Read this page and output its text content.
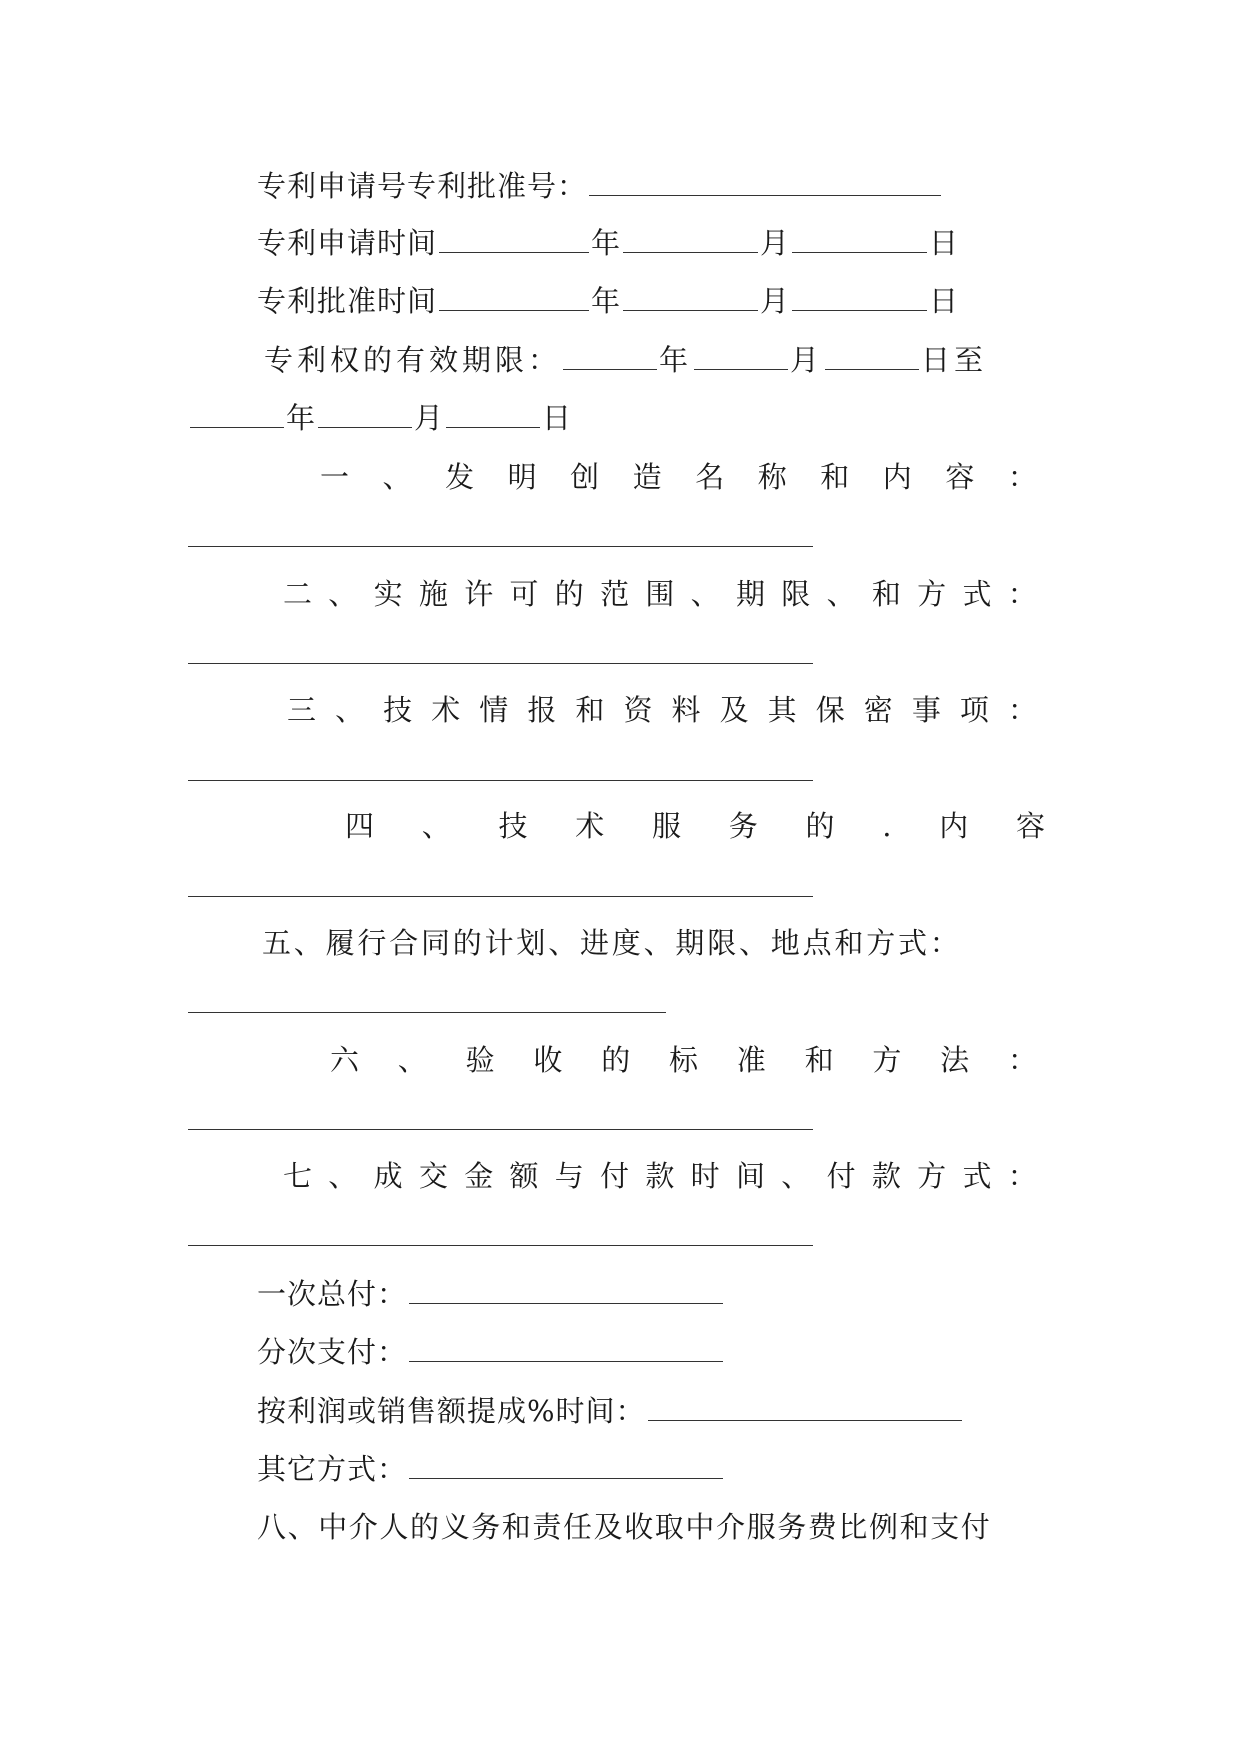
专利申请号专利批准号：
专利申请时间	年	月	日
专利批准时间	年	月	日
专利权的有效期限：	年	月	日至
年	月	日
一 、 发 明 创 造 名 称 和 内 容 ：
二 、 实 施 许 可 的 范 围 、 期 限 、 和 方 式 ：
三 、 技 术 情 报 和 资 料 及 其 保 密 事 项 ：
四 、 技 术 服 务 的 . 内 容
五、履行合同的计划、进度、期限、地点和方式：
六 、 验 收 的 标 准 和 方 法 ：
七 、 成 交 金 额 与 付 款 时 间 、 付 款 方 式 ：
一次总付：
分次支付：
按利润或销售额提成%时间：
其它方式：
八、中介人的义务和责任及收取中介服务费比例和支付
